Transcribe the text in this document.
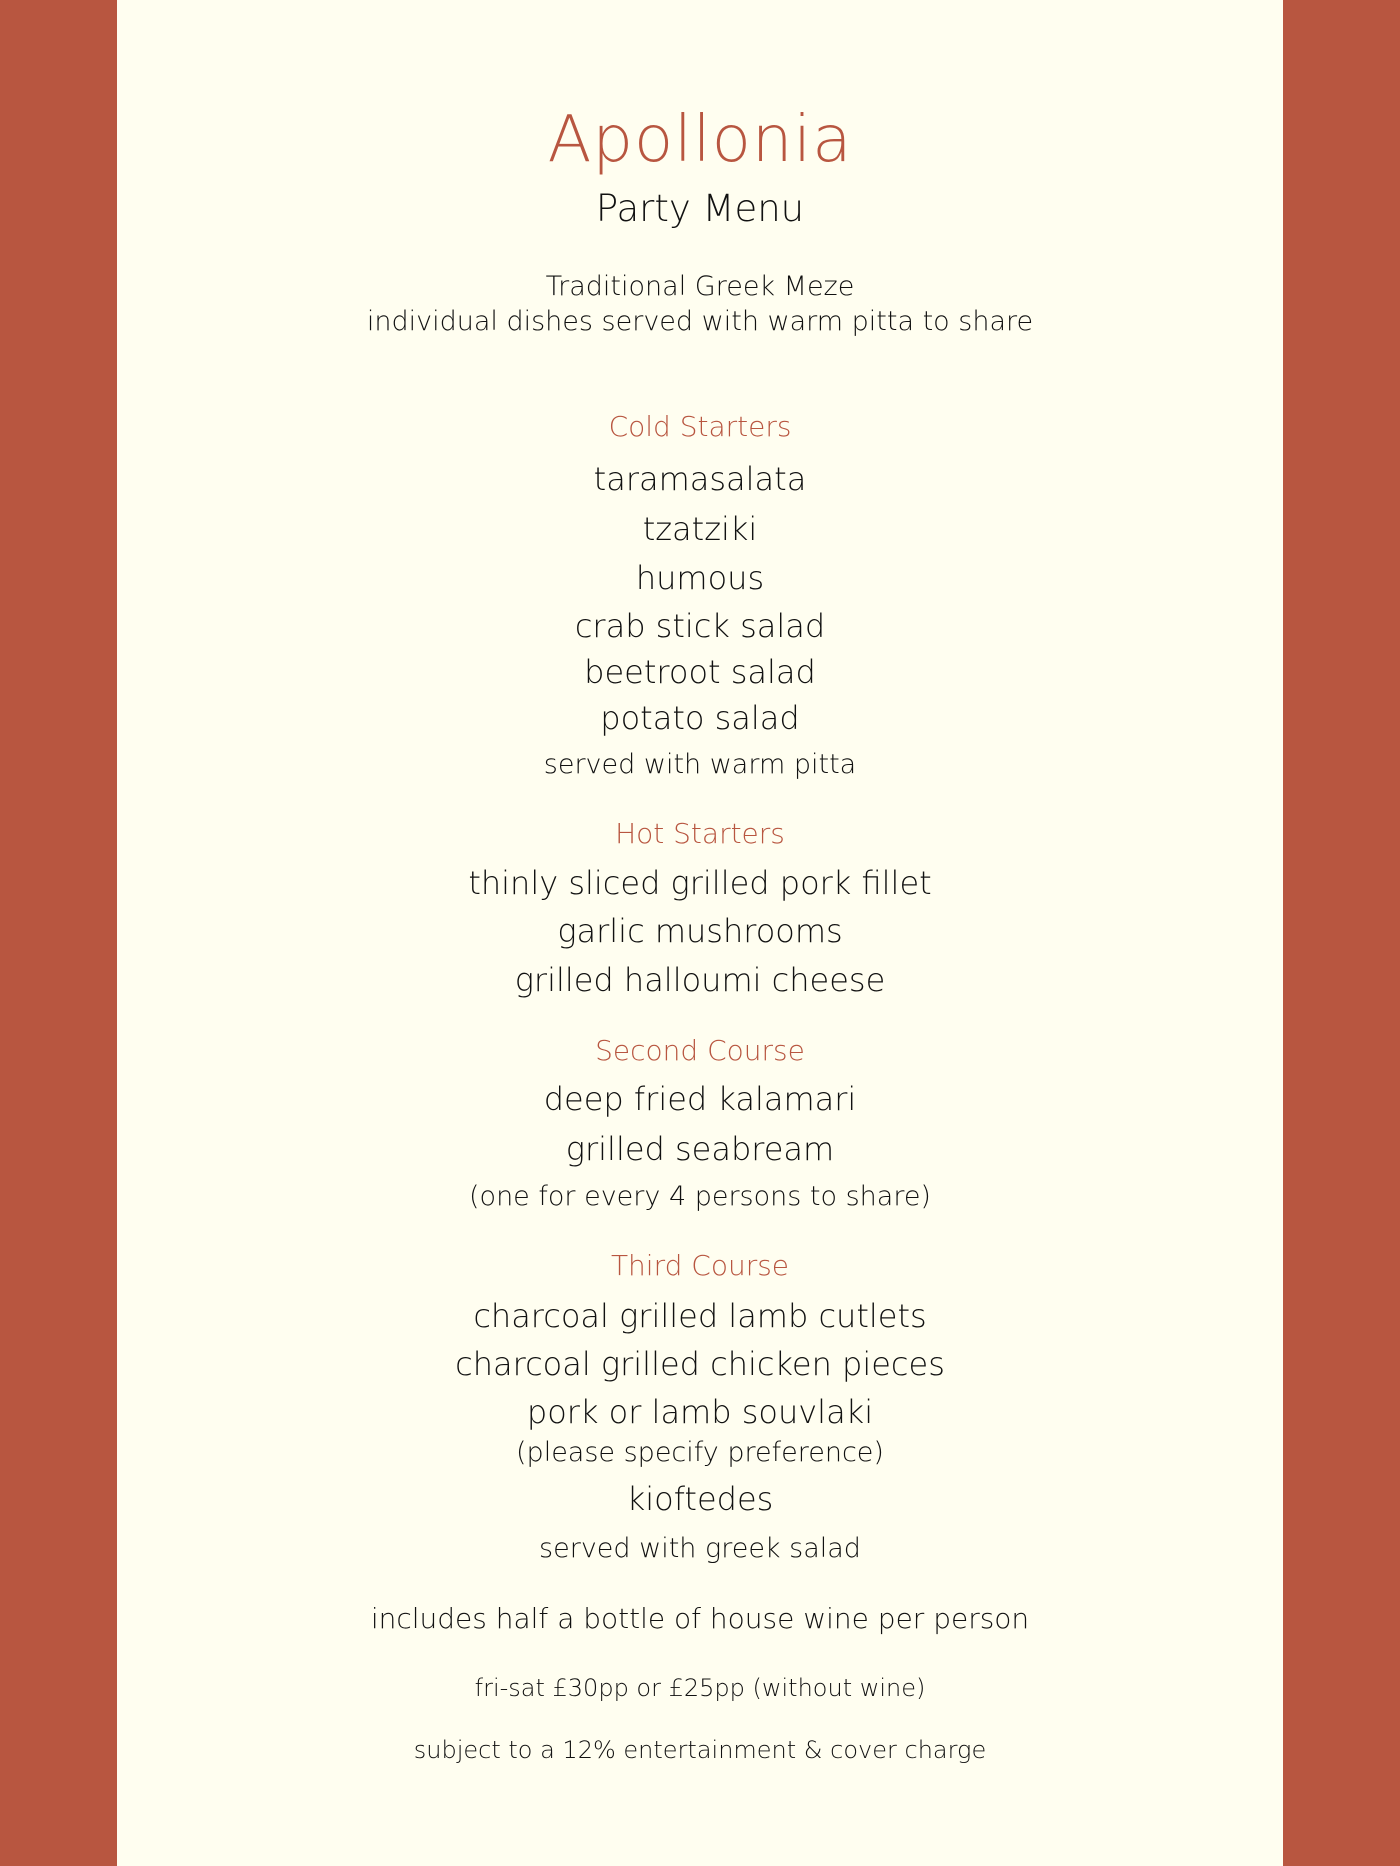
Apollonia
Party Menu
Traditional Greek Meze
individual dishes served with warm pitta to share
Cold Starters
taramasalata
tzatziki
humous
crab stick salad
beetroot salad
potato salad
served with warm pitta
Hot Starters
thinly sliced grilled pork fillet
garlic mushrooms
grilled halloumi cheese
Second Course
deep fried kalamari
grilled seabream
(one for every 4 persons to share)
Third Course
charcoal grilled lamb cutlets
charcoal grilled chicken pieces
pork or lamb souvlaki
(please specify preference)
kioftedes
served with greek salad
includes half a bottle of house wine per person
fri-sat £30pp or £25pp (without wine)
subject to a 12% entertainment & cover charge
